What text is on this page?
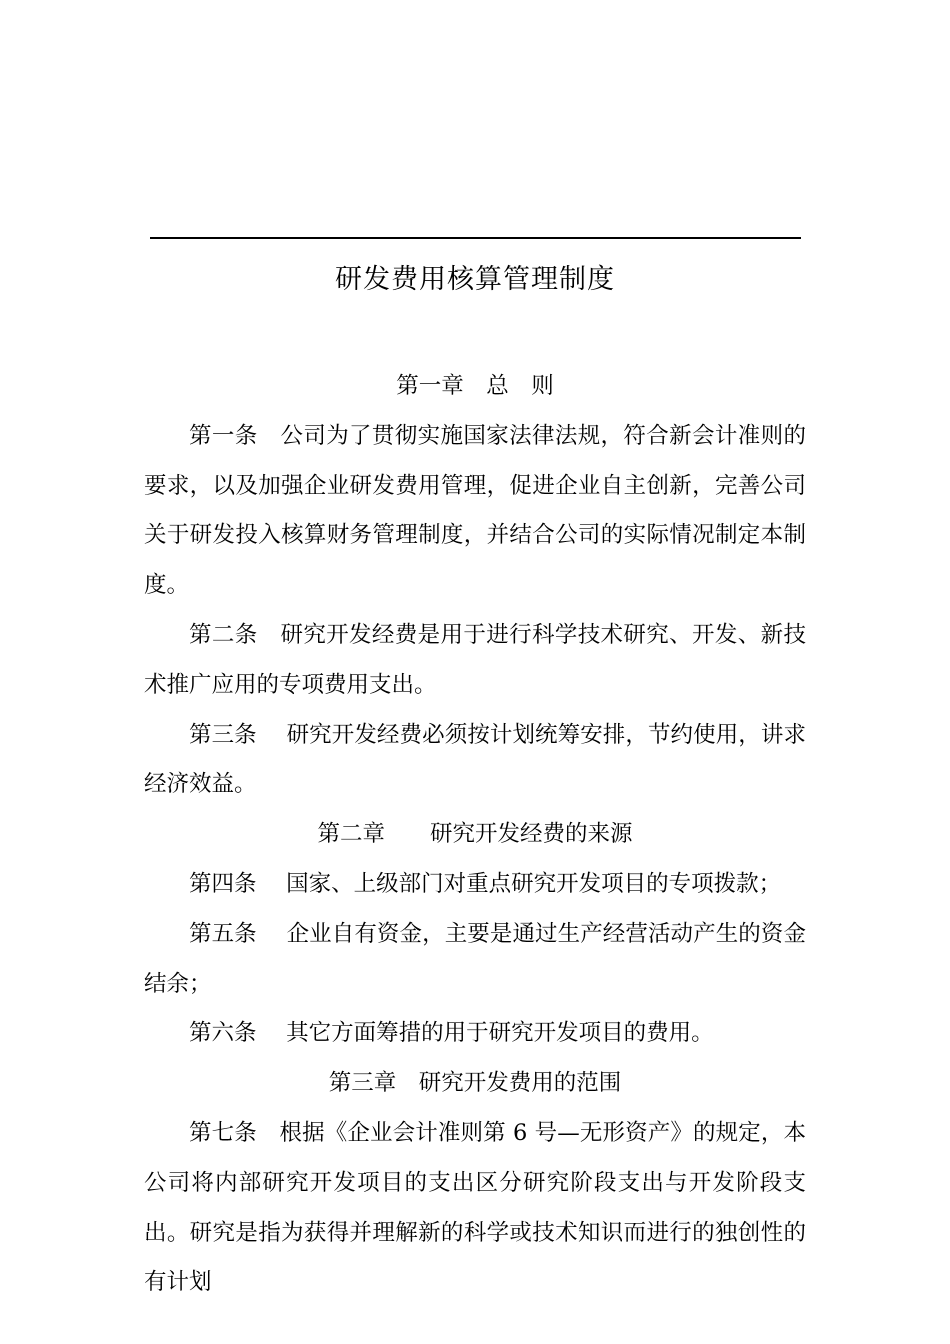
研发费用核算管理制度

第一章　总　则

第一条　 公司为了贯彻实施国家法律法规，符合新会计准则的要求，以及加强企业研发费用管理，促进企业自主创新，完善公司关于研发投入核算财务管理制度，并结合公司的实际情况制定本制度。

第二条　 研究开发经费是用于进行科学技术研究、开发、新技术推广应用的专项费用支出。

第三条　 研究开发经费必须按计划统筹安排，节约使用，讲求经济效益。

第二章　　研究开发经费的来源

第四条　 国家、上级部门对重点研究开发项目的专项拨款；

第五条　 企业自有资金，主要是通过生产经营活动产生的资金结余；

第六条　 其它方面筹措的用于研究开发项目的费用。

第三章　研究开发费用的范围

第七条　 根据《企业会计准则第 6 号—无形资产》的规定，本公司将内部研究开发项目的支出区分研究阶段支出与开发阶段支出。研究是指为获得并理解新的科学或技术知识而进行的独创性的有计划
